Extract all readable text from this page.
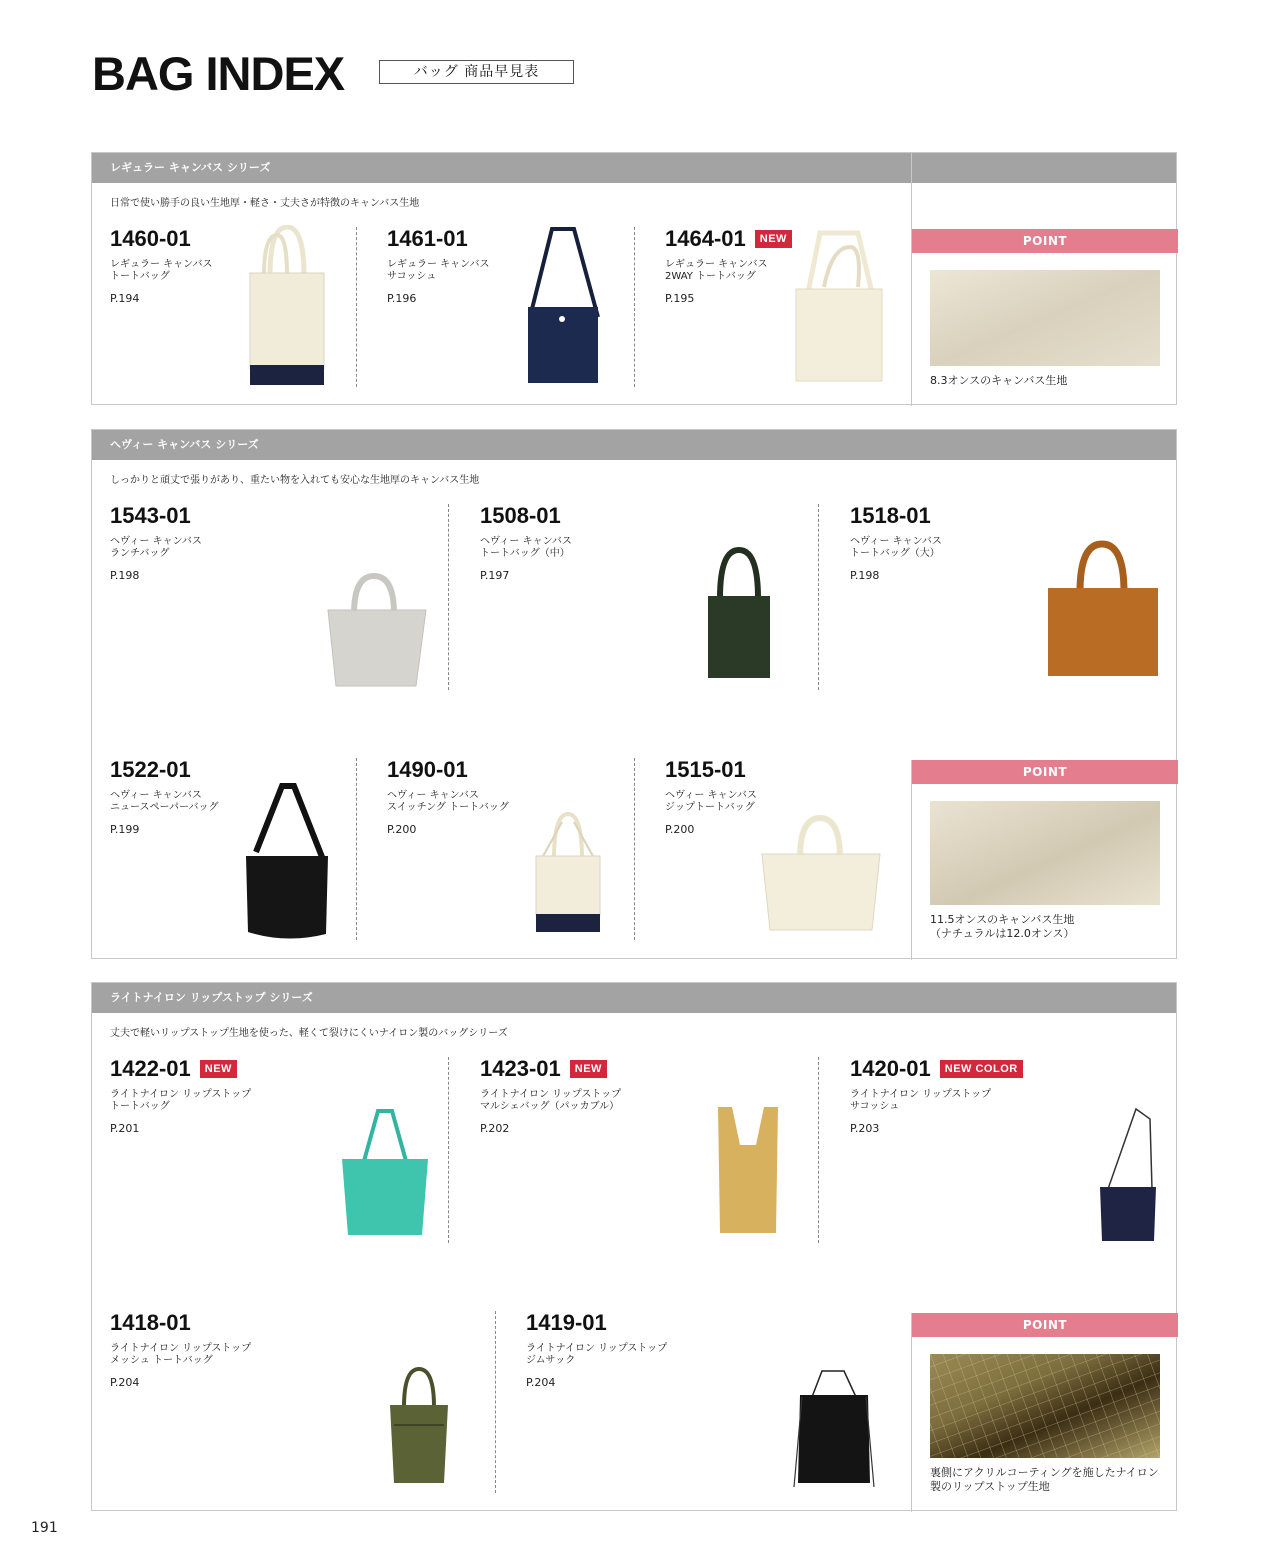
BAG INDEX	バッグ 商品早見表
レギュラー キャンバス シリーズ
日常で使い勝手の良い生地厚・軽さ・丈夫さが特徴のキャンバス生地
1460-01
レギュラー キャンバス
トートバッグ
P.194
1461-01
レギュラー キャンバス
サコッシュ
P.196
1464-01	NEW
レギュラー キャンバス
2WAY トートバッグ
P.195
POINT
8.3オンスのキャンバス生地
ヘヴィー キャンバス シリーズ
しっかりと頑丈で張りがあり、重たい物を入れても安心な生地厚のキャンバス生地
1543-01
ヘヴィー キャンバス
ランチバッグ
P.198
1508-01
ヘヴィー キャンバス
トートバッグ（中）
P.197
1518-01
ヘヴィー キャンバス
トートバッグ（大）
P.198
1522-01
ヘヴィー キャンバス
ニュースペーパーバッグ
P.199
1490-01
ヘヴィー キャンバス
スイッチング トートバッグ
P.200
1515-01
ヘヴィー キャンバス
ジップトートバッグ
P.200
POINT
11.5オンスのキャンバス生地
（ナチュラルは12.0オンス）
ライトナイロン リップストップ シリーズ
丈夫で軽いリップストップ生地を使った、軽くて裂けにくいナイロン製のバッグシリーズ
1422-01	NEW
ライトナイロン リップストップ
トートバッグ
P.201
1423-01	NEW
ライトナイロン リップストップ
マルシェバッグ（パッカブル）
P.202
1420-01	NEW COLOR
ライトナイロン リップストップ
サコッシュ
P.203
1418-01
ライトナイロン リップストップ
メッシュ トートバッグ
P.204
1419-01
ライトナイロン リップストップ
ジムサック
P.204
POINT
裏側にアクリルコーティングを施したナイロン
製のリップストップ生地
191
